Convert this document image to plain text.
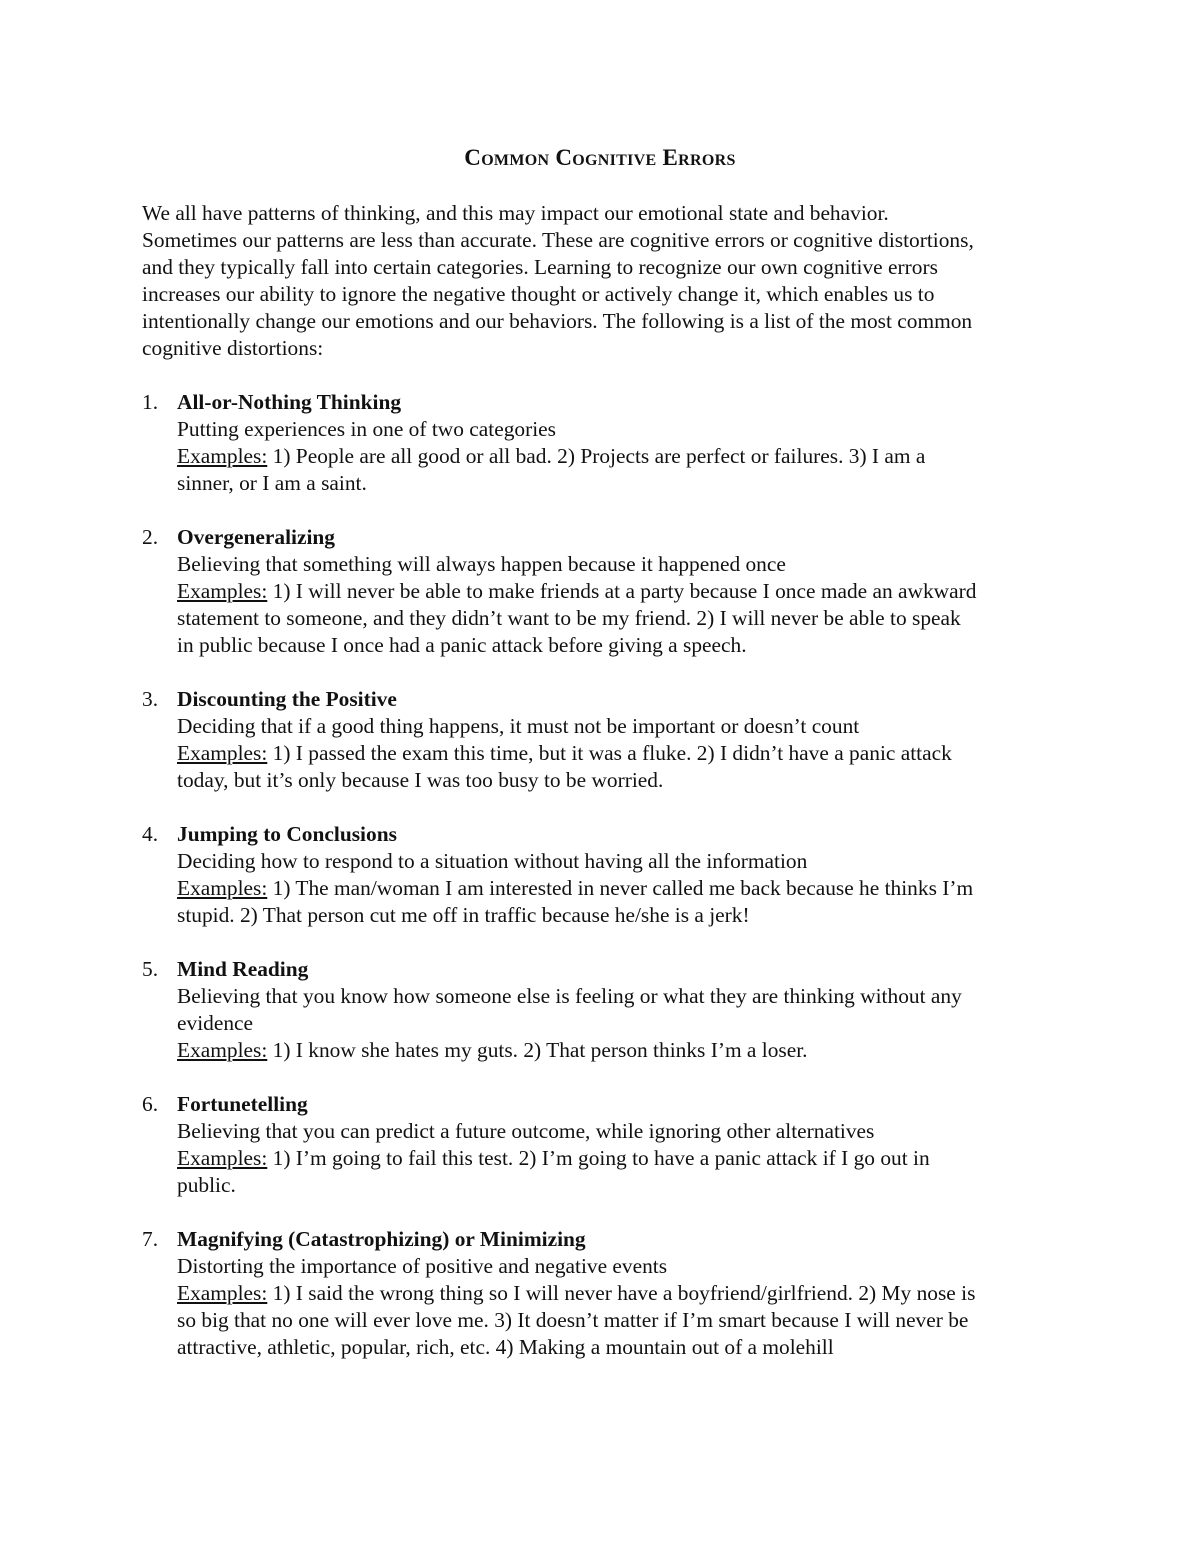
Common Cognitive Errors
We all have patterns of thinking, and this may impact our emotional state and behavior.
Sometimes our patterns are less than accurate. These are cognitive errors or cognitive distortions,
and they typically fall into certain categories. Learning to recognize our own cognitive errors
increases our ability to ignore the negative thought or actively change it, which enables us to
intentionally change our emotions and our behaviors. The following is a list of the most common
cognitive distortions:
1. All-or-Nothing Thinking
Putting experiences in one of two categories
Examples: 1) People are all good or all bad. 2) Projects are perfect or failures. 3) I am a
sinner, or I am a saint.
2. Overgeneralizing
Believing that something will always happen because it happened once
Examples: 1) I will never be able to make friends at a party because I once made an awkward
statement to someone, and they didn’t want to be my friend. 2) I will never be able to speak
in public because I once had a panic attack before giving a speech.
3. Discounting the Positive
Deciding that if a good thing happens, it must not be important or doesn’t count
Examples: 1) I passed the exam this time, but it was a fluke. 2) I didn’t have a panic attack
today, but it’s only because I was too busy to be worried.
4. Jumping to Conclusions
Deciding how to respond to a situation without having all the information
Examples: 1) The man/woman I am interested in never called me back because he thinks I’m
stupid. 2) That person cut me off in traffic because he/she is a jerk!
5. Mind Reading
Believing that you know how someone else is feeling or what they are thinking without any
evidence
Examples: 1) I know she hates my guts. 2) That person thinks I’m a loser.
6. Fortunetelling
Believing that you can predict a future outcome, while ignoring other alternatives
Examples: 1) I’m going to fail this test. 2) I’m going to have a panic attack if I go out in
public.
7. Magnifying (Catastrophizing) or Minimizing
Distorting the importance of positive and negative events
Examples: 1) I said the wrong thing so I will never have a boyfriend/girlfriend. 2) My nose is
so big that no one will ever love me. 3) It doesn’t matter if I’m smart because I will never be
attractive, athletic, popular, rich, etc. 4) Making a mountain out of a molehill
